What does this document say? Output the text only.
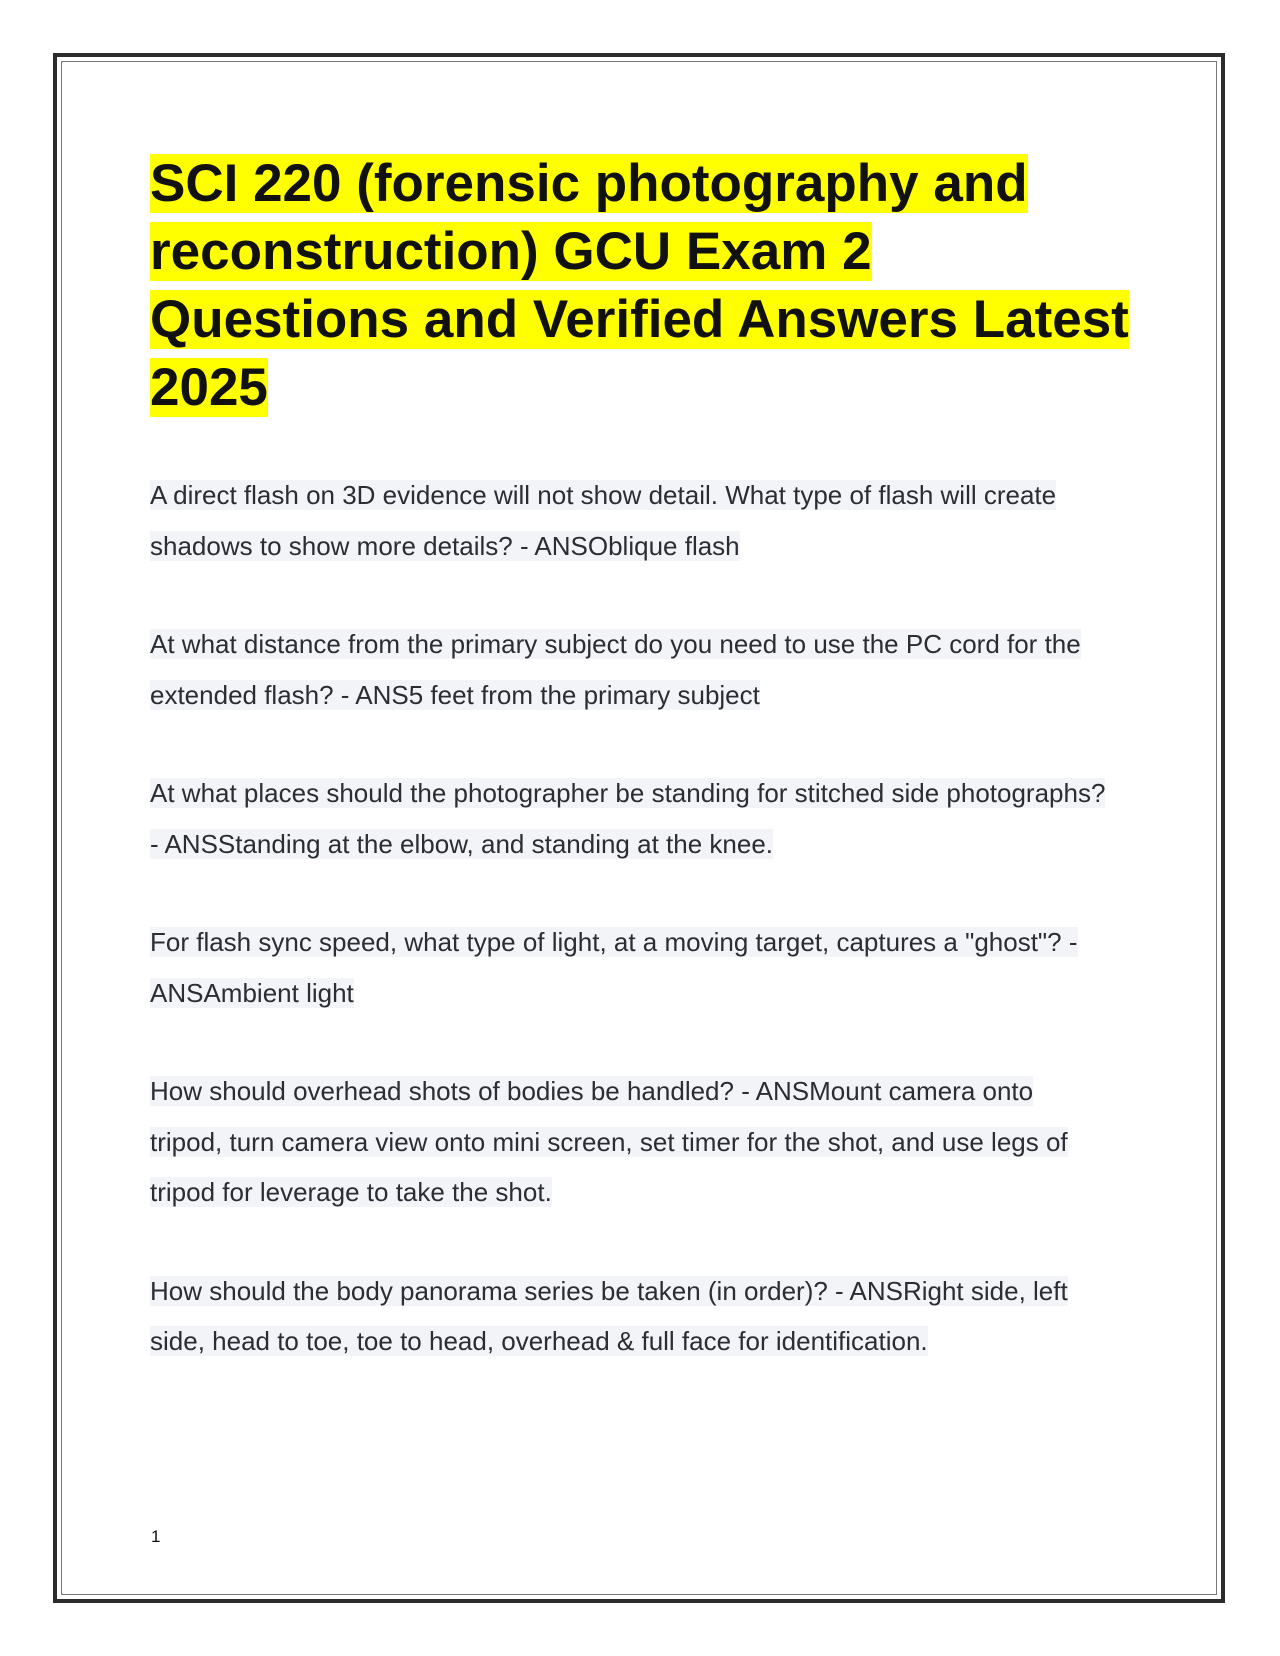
SCI 220 (forensic photography and reconstruction) GCU Exam 2 Questions and Verified Answers Latest 2025

A direct flash on 3D evidence will not show detail. What type of flash will create shadows to show more details? - ANSOblique flash

At what distance from the primary subject do you need to use the PC cord for the extended flash? - ANS5 feet from the primary subject

At what places should the photographer be standing for stitched side photographs? - ANSStanding at the elbow, and standing at the knee.

For flash sync speed, what type of light, at a moving target, captures a "ghost"? - ANSAmbient light

How should overhead shots of bodies be handled? - ANSMount camera onto tripod, turn camera view onto mini screen, set timer for the shot, and use legs of tripod for leverage to take the shot.

How should the body panorama series be taken (in order)? - ANSRight side, left side, head to toe, toe to head, overhead & full face for identification.

1
